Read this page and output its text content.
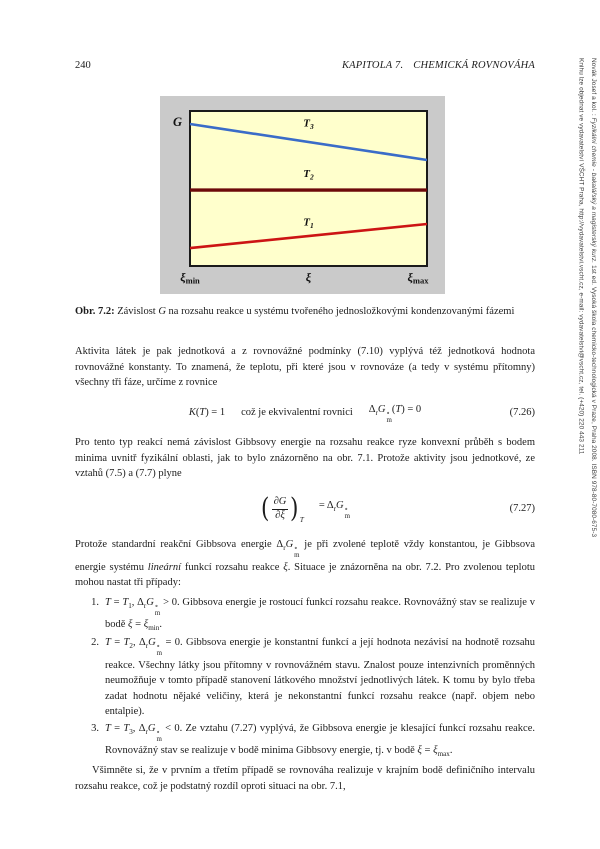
Novák Josef a kol. : Fyzikální chemie - bakalářský a magisterský kurz. 1st ed. Vysoká škola chemicko-technologická v Praze, Praha 2008. ISBN 978-80-7080-675-3
Knihu lze objednat ve vydavatelství VŠCHT Praha, http://vydavatelstvi.vscht.cz, e-mail: vydavatelstvi@vscht.cz, tel. (+420) 220 443 211
240	KAPITOLA 7. CHEMICKÁ ROVNOVÁHA
$T_3$
$T_2$
$T_1$
G
$\xi_{min}$	ξ	$\xi_{max}$
Obr. 7.2: Závislost G na rozsahu reakce u systému tvořeného jednosložkovými kondenzovanými fázemi
Aktivita látek je pak jednotková a z rovnovážné podmínky (7.10) vyplývá též jednotková hodnota rovnovážné konstanty. To znamená, že teplotu, při které jsou v rovnováze (a tedy v systému přítomny) všechny tři fáze, určíme z rovnice
K(T) = 1 což je ekvivalentní rovnici $\Delta_rG$ ∘
m
(T) = 0	(7.26)
Pro tento typ reakcí nemá závislost Gibbsovy energie na rozsahu reakce ryze konvexní průběh s bodem minima uvnitř fyzikální oblasti, jak to bylo znázorněno na obr. 7.1. Protože aktivity jsou jednotkové, ze vztahů (7.5) a (7.7) plyne
( $\frac{\partial G}{\partial\xi}$ ) T
= $\Delta_rG$ ∘
m
(7.27)
Protože standardní reakční Gibbsova energie $\Delta_rG$ ∘
m
je při zvolené teplotě vždy konstantou, je Gibbsova energie systému lineární funkcí rozsahu reakce ξ. Situace je znázorněna na obr. 7.2. Pro zvolenou teplotu mohou nastat tři případy:
1. $T = T_1$, $\Delta_rG$ ∘
m
> 0. Gibbsova energie je rostoucí funkcí rozsahu reakce. Rovnovážný stav se realizuje v bodě $\xi = \xi_{min}$.
2. $T = T_2$, $\Delta_rG$ ∘
m
= 0. Gibbsova energie je konstantní funkcí a její hodnota nezávisí na hodnotě rozsahu reakce. Všechny látky jsou přítomny v rovnovážném stavu. Znalost pouze intenzivních proměnných neumožňuje v tomto případě stanovení látkového množství jednotlivých látek. K tomu by bylo třeba zadat hodnotu nějaké veličiny, která je nekonstantní funkcí rozsahu reakce (např. objem nebo entalpie).
3. $T = T_3$, $\Delta_rG$ ∘
m
< 0. Ze vztahu (7.27) vyplývá, že Gibbsova energie je klesající funkcí rozsahu reakce. Rovnovážný stav se realizuje v bodě minima Gibbsovy energie, tj. v bodě $\xi = \xi_{max}$.
Všimněte si, že v prvním a třetím případě se rovnováha realizuje v krajním bodě definičního intervalu rozsahu reakce, což je podstatný rozdíl oproti situaci na obr. 7.1,
